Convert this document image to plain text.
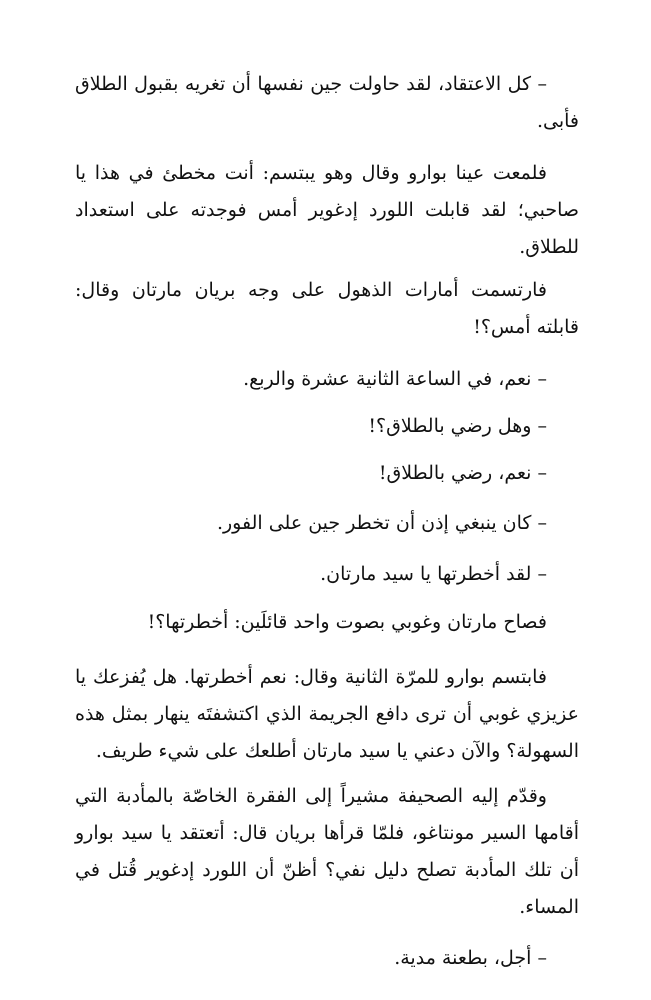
– كل الاعتقاد، لقد حاولت جين نفسها أن تغريه بقبول الطلاق فأبى.

فلمعت عينا بوارو وقال وهو يبتسم: أنت مخطئ في هذا يا صاحبي؛ لقد قابلت اللورد إدغوير أمس فوجدته على استعداد للطلاق.

فارتسمت أمارات الذهول على وجه بريان مارتان وقال: قابلته أمس؟!

– نعم، في الساعة الثانية عشرة والربع.

– وهل رضي بالطلاق؟!

– نعم، رضي بالطلاق!

– كان ينبغي إذن أن تخطر جين على الفور.

– لقد أخطرتها يا سيد مارتان.

فصاح مارتان وغوبي بصوت واحد قائلَين: أخطرتها؟!

فابتسم بوارو للمرّة الثانية وقال: نعم أخطرتها. هل يُفزعك يا عزيزي غوبي أن ترى دافع الجريمة الذي اكتشفتَه ينهار بمثل هذه السهولة؟ والآن دعني يا سيد مارتان أطلعك على شيء طريف.

وقدّم إليه الصحيفة مشيراً إلى الفقرة الخاصّة بالمأدبة التي أقامها السير مونتاغو، فلمّا قرأها بريان قال: أتعتقد يا سيد بوارو أن تلك المأدبة تصلح دليل نفي؟ أظنّ أن اللورد إدغوير قُتل في المساء.

– أجل، بطعنة مدية.
